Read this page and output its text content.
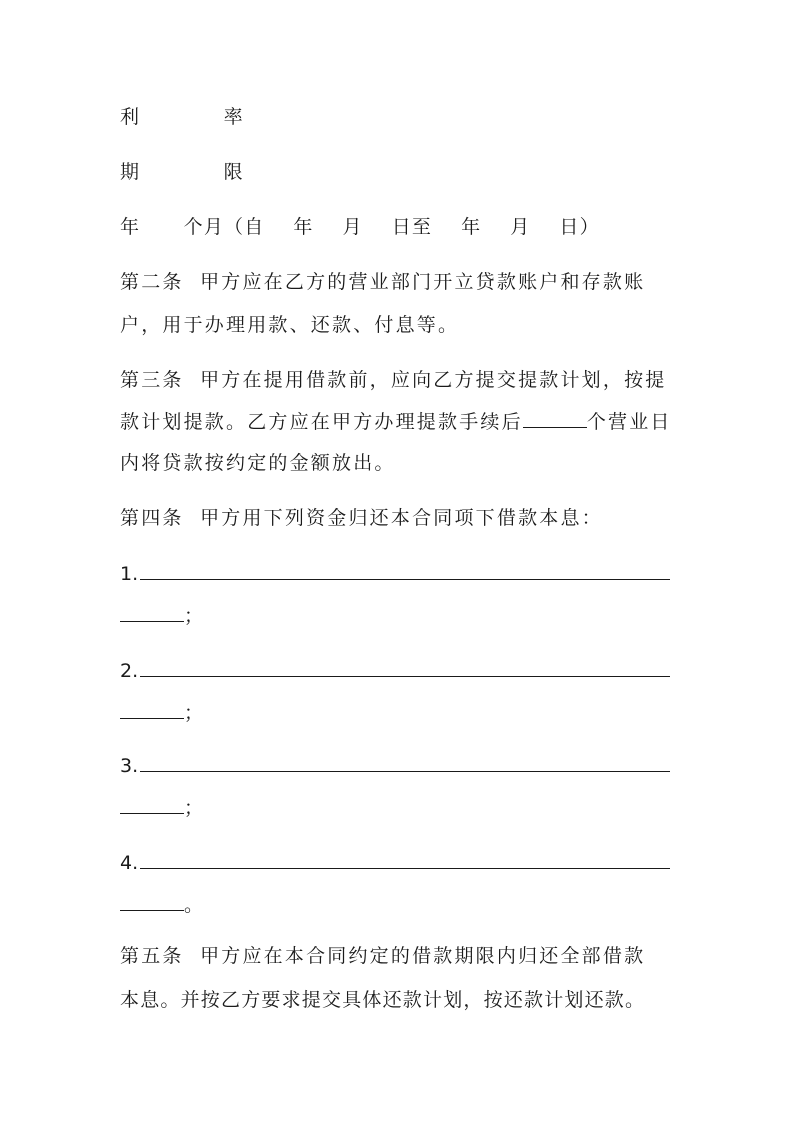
利          率
期          限
年      个月（自    年    月    日至    年    月    日）
第二条  甲方应在乙方的营业部门开立贷款账户和存款账
户，用于办理用款、还款、付息等。
第三条  甲方在提用借款前，应向乙方提交提款计划，按提
款计划提款。乙方应在甲方办理提款手续后	个营业日
内将贷款按约定的金额放出。
第四条  甲方用下列资金归还本合同项下借款本息：
1.
；
2.
；
3.
；
4.
。
第五条  甲方应在本合同约定的借款期限内归还全部借款
本息。并按乙方要求提交具体还款计划，按还款计划还款。
